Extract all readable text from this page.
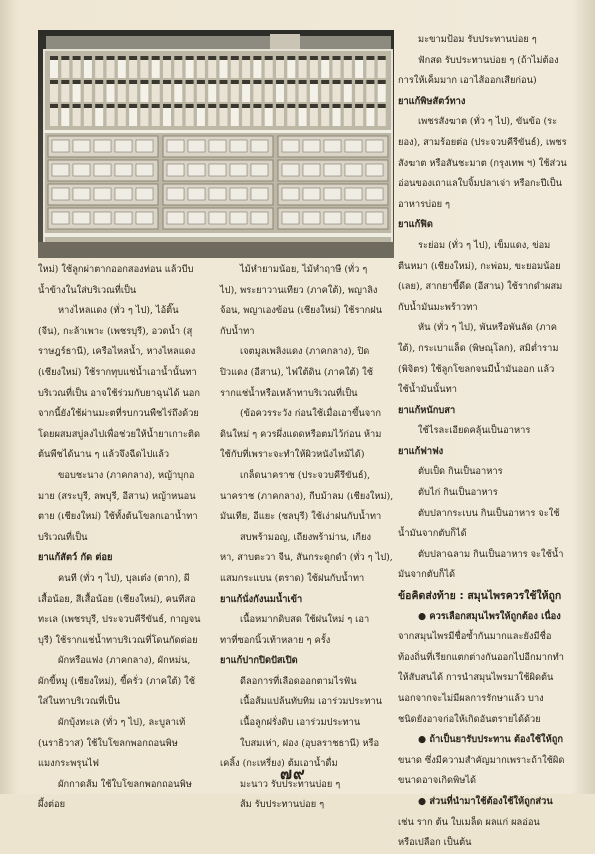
ใหม่) ใช้ลูกผ่าตากออกสองท่อน แล้วบีบ

น้ำข้างในใส่บริเวณที่เป็น

หางไหลแดง (ทั่ว ๆ ไป), ไอ้ติ๊น

(จีน), กะล้าเพาะ (เพชรบุรี), อวดน้ำ (สุ

ราษฎร์ธานี), เครือไหลน้ำ, หางไหลแดง

(เชียงใหม่) ใช้รากทุบแช่น้ำเอาน้ำนั้นทา

บริเวณที่เป็น อาจใช้ร่วมกับยาฉุนได้ นอก

จากนี้ยังใช้ผ่านมะตที่รบกวนพืชไร่ถึงด้วย

โดยผสมสบู่ลงไปเพื่อช่วยให้น้ำยาเกาะติด

ต้นพืชได้นาน ๆ แล้วจึงฉีดไปแล้ว

ขอบชะนาง (ภาคกลาง), หญ้าบุกอ

มาย (สระบุรี, ลพบุรี, อีสาน) หญ้าหนอน

ตาย (เชียงใหม่) ใช้ทั้งต้นโขลกเอาน้ำทา

บริเวณที่เป็น

ยาแก้สัตว์ กัด ต่อย

คนที (ทั่ว ๆ ไป), บุลเต๋ง (ตาก), ผี

เสื้อน้อย, สีเสื้อน้อย (เชียงใหม่), คนทีสอ

ทะเล (เพชรบุรี, ประจวบคีรีขันธ์, กาญจน

บุรี) ใช้รากแช่น้ำทาบริเวณที่โดนกัดต่อย

ผักหรือแฟง (ภาคกลาง), ผักหม่น,

ผักขี้หมู (เชียงใหม่), ขี้ครั่ว (ภาคใต้) ใช้

ใส่ในทาบริเวณที่เป็น

ผักบุ้งทะเล (ทั่ว ๆ ไป), ละบูลาเท้

(นราธิวาส) ใช้ใบโขลกพอกถอนพิษ

แมงกระพรุนไฟ

ผักกาดส้ม ใช้ใบโขลกพอกถอนพิษ

ผึ้งต่อย

ไม้หำยามน้อย, ไม้หำฤาษี (ทั่ว ๆ

ไป), พระยาวานเทียว (ภาคใต้), พญาลิง

จ้อน, พญาเองข้อน (เชียงใหม่) ใช้รากฝน

กับน้ำทา

เจตมูลเพลิงแดง (ภาคกลาง), ปิด

ปิวแดง (อีสาน), ไฟใต้ดิน (ภาคใต้) ใช้

รากแช่น้ำหรือเหล้าทาบริเวณที่เป็น

(ข้อควรระวัง ก่อนใช้เมื่อเอาขึ้นจาก

ดินใหม่ ๆ ควรผึ่งแดดหรือตมไว้ก่อน ห้าม

ใช้กับที่เพราะจะทำให้ผิวหนังไหม้ได้)

เกล็ดนาคราช (ประจวบคีรีขันธ์),

นาคราช (ภาคกลาง), กีบม้าลม (เชียงใหม่),

มันเทีย, อีแยะ (ชลบุรี) ใช้เง่าฝนกับน้ำทา

สบพร้ามอญ, เถียงพร้าม่าน, เกียง

หา, สาบตะวา จีน, สันกระดูกดำ (ทั่ว ๆ ไป),

แสมกระแบน (ตราด) ใช้ฝนกับน้ำทา

ยาแก้นั่งกังนมน้ำเข้า

เนื้อหมากดิบสด ใช้ฝนใหม่ ๆ เอา

ทาที่ซอกนิ้วเท้าหลาย ๆ ครั้ง

ยาแก้ปากปิดปัสเปิด

ดีลอการที่เลือดออกตามไรฟัน

เนื้อส้มแปล้นทับทิม เอาร่วมประทาน

เนื้อลูกฝรั่งดิบ เอาร่วมประทาน

ใบสมเห่า, ฝอง (อุบลราชธานี) หรือ

เคลิ้ง (กะเหรี่ยง) ต้มเอาน้ำดื่ม

มะนาว รับประทานบ่อย ๆ

ส้ม รับประทานบ่อย ๆ

มะขามป้อม รับประทานบ่อย ๆ

ฟักสด รับประทานบ่อย ๆ (ถ้าไม่ต้อง

การให้เค็มมาก เอาไส้ออกเสียก่อน)

ยาแก้พิษสัตว์ทาง

เพชรสังฆาต (ทั่ว ๆ ไป), ขันข้อ (ระ

ยอง), สามร้อยต่อ (ประจวบคีรีขันธ์), เพชร

สังฆาต หรือสันชะมาต (กรุงเทพ ฯ) ใช้ส่วน

อ่อนของเถาแลใบจิ้มปลาเจ่า หรือกะปีเป็น

อาหารบ่อย ๆ

ยาแก้ฟิด

ระย่อม (ทั่ว ๆ ไป), เข็มแดง, ข่อม

ตีนหมา (เชียงใหม่), กะพ่อม, ขะยอมน้อย

(เลย), สากยาขี้ดีด (อีสาน) ใช้รากดำผสม

กับน้ำมันมะพร้าวทา

หัน (ทั่ว ๆ ไป), พันหรือพันลัด (ภาค

ใต้), กระเบาแล็ด (พิษณุโลก), สมิตํ่าราม

(พิจิตร) ใช้ลูกโขลกจนมีน้ำมันออก แล้ว

ใช้น้ำมันนั้นทา

ยาแก้หนักบสา

ใช้ไรละเอียดคลุ้นเป็นอาหาร

ยาแก้ฟาฟง

ตับเป็ด กินเป็นอาหาร

ตับไก่ กินเป็นอาหาร

ตับปลากระเบน กินเป็นอาหาร จะใช้

น้ำมันจากตับก็ได้

ตับปลาฉลาม กินเป็นอาหาร จะใช้น้ำ

มันจากตับก็ได้

ข้อคิดส่งท้าย : สมุนไพรควรใช้ให้ถูก

● ควรเลือกสมุนไพรให้ถูกต้อง เนื่อง

จากสมุนไพรมีชื่อซ้ำกันมากและยังมีชื่อ

ท้องถิ่นที่เรียกแตกต่างกันออกไปอีกมากทำ

ให้สับสนได้ การนำสมุนไพรมาใช้ผิดต้น

นอกจากจะไม่มีผลการรักษาแล้ว บาง

ชนิดยังอาจก่อให้เกิดอันตรายได้ด้วย

● ถ้าเป็นยารับประทาน ต้องใช้ให้ถูก

ขนาด ซึ่งมีความสำคัญมากเพราะถ้าใช้ผิด

ขนาดอาจเกิดพิษได้

● ส่วนที่นำมาใช้ต้องใช้ให้ถูกส่วน

เช่น ราก ต้น ใบเมล็ด ผลแก่ ผลอ่อน

หรือเปลือก เป็นต้น

๗๙
